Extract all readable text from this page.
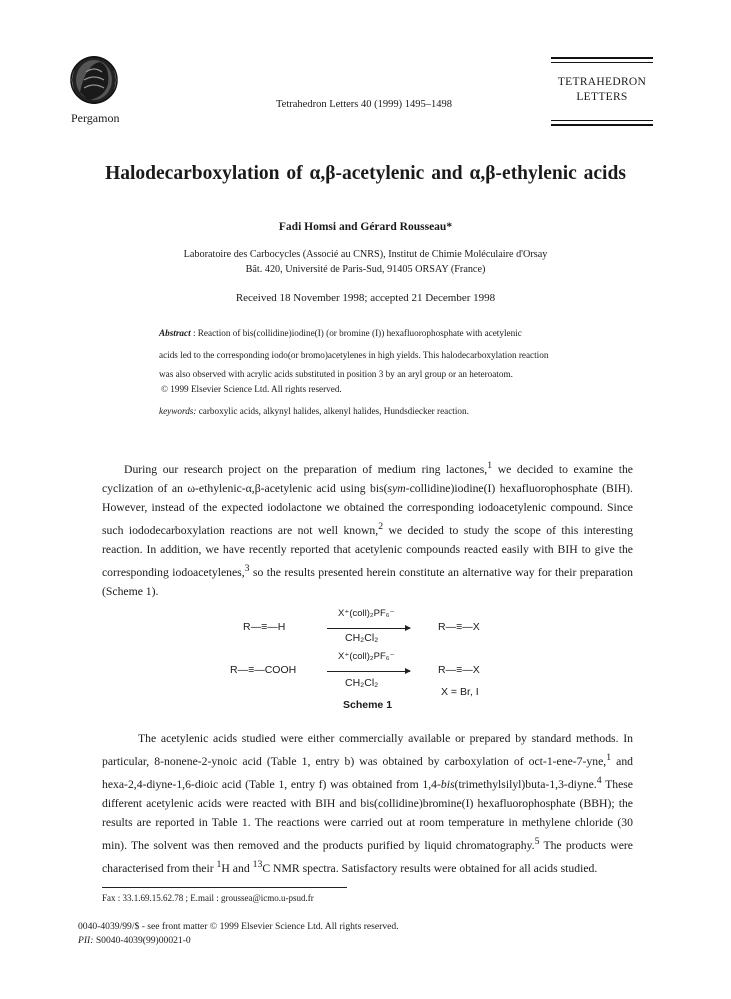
Pergamon
Tetrahedron Letters 40 (1999) 1495–1498
TETRAHEDRON
LETTERS
Halodecarboxylation of α,β-acetylenic and α,β-ethylenic acids
Fadi Homsi and Gérard Rousseau*
Laboratoire des Carbocycles (Associé au CNRS), Institut de Chimie Moléculaire d'Orsay
Bât. 420, Université de Paris-Sud, 91405 ORSAY (France)
Received 18 November 1998; accepted 21 December 1998
Abstract : Reaction of bis(collidine)iodine(I) (or bromine (I)) hexafluorophosphate with acetylenic
acids led to the corresponding iodo(or bromo)acetylenes in high yields. This halodecarboxylation reaction
was also observed with acrylic acids substituted in position 3 by an aryl group or an heteroatom.
© 1999 Elsevier Science Ltd. All rights reserved.
keywords: carboxylic acids, alkynyl halides, alkenyl halides, Hundsdiecker reaction.

During our research project on the preparation of medium ring lactones,$^1$ we decided to examine the cyclization of an ω-ethylenic-α,β-acetylenic acid using bis(sym-collidine)iodine(I) hexafluorophosphate (BIH). However, instead of the expected iodolactone we obtained the corresponding iodoacetylenic compound. Since such iododecarboxylation reactions are not well known,$^2$ we decided to study the scope of this interesting reaction. In addition, we have recently reported that acetylenic compounds reacted easily with BIH to give the corresponding iodoacetylenes,$^3$ so the results presented herein constitute an alternative way for their preparation (Scheme 1).

X⁺(coll)₂PF₆⁻
R—≡—H	R—≡—X
CH₂Cl₂
X⁺(coll)₂PF₆⁻
R—≡—COOH	R—≡—X
CH₂Cl₂
X = Br, I
Scheme 1

The acetylenic acids studied were either commercially available or prepared by standard methods. In particular, 8-nonene-2-ynoic acid (Table 1, entry b) was obtained by carboxylation of oct-1-ene-7-yne,$^1$ and hexa-2,4-diyne-1,6-dioic acid (Table 1, entry f) was obtained from 1,4-bis(trimethylsilyl)buta-1,3-diyne.$^4$ These different acetylenic acids were reacted with BIH and bis(collidine)bromine(I) hexafluorophosphate (BBH); the results are reported in Table 1. The reactions were carried out at room temperature in methylene chloride (30 min). The solvent was then removed and the products purified by liquid chromatography.$^5$ The products were characterised from their $^1$H and $^{13}$C NMR spectra. Satisfactory results were obtained for all acids studied.

Fax : 33.1.69.15.62.78 ; E.mail : grousseа@icmo.u-psud.fr
0040-4039/99/$ - see front matter © 1999 Elsevier Science Ltd. All rights reserved.
PII: S0040-4039(99)00021-0
